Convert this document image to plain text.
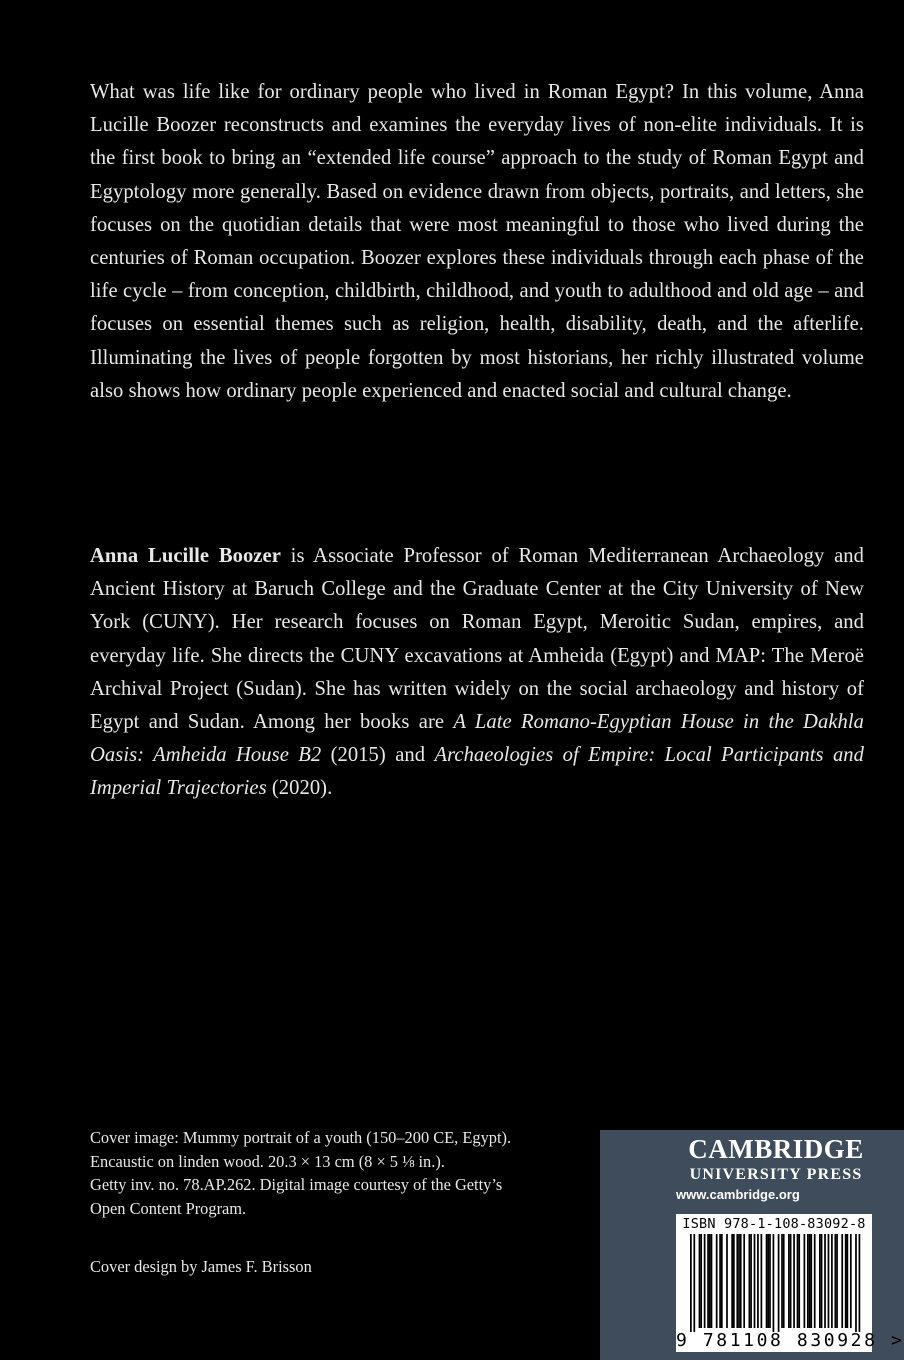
What was life like for ordinary people who lived in Roman Egypt? In this volume, Anna Lucille Boozer reconstructs and examines the everyday lives of non-elite individuals. It is the first book to bring an “extended life course” approach to the study of Roman Egypt and Egyptology more generally. Based on evidence drawn from objects, portraits, and letters, she focuses on the quotidian details that were most meaningful to those who lived during the centuries of Roman occupation. Boozer explores these individuals through each phase of the life cycle – from conception, childbirth, childhood, and youth to adulthood and old age – and focuses on essential themes such as religion, health, disability, death, and the afterlife. Illuminating the lives of people forgotten by most historians, her richly illustrated volume also shows how ordinary people experienced and enacted social and cultural change.

Anna Lucille Boozer is Associate Professor of Roman Mediterranean Archaeology and Ancient History at Baruch College and the Graduate Center at the City University of New York (CUNY). Her research focuses on Roman Egypt, Meroitic Sudan, empires, and everyday life. She directs the CUNY excavations at Amheida (Egypt) and MAP: The Meroë Archival Project (Sudan). She has written widely on the social archaeology and history of Egypt and Sudan. Among her books are A Late Romano-Egyptian House in the Dakhla Oasis: Amheida House B2 (2015) and Archaeologies of Empire: Local Participants and Imperial Trajectories (2020).

Cover image: Mummy portrait of a youth (150–200 CE, Egypt).
Encaustic on linden wood. 20.3 × 13 cm (8 × 5 ⅛ in.).
Getty inv. no. 78.AP.262. Digital image courtesy of the Getty’s
Open Content Program.
Cover design by James F. Brisson
CAMBRIDGE
UNIVERSITY PRESS
www.cambridge.org
ISBN 978-1-108-83092-8
9 781108 830928 >
